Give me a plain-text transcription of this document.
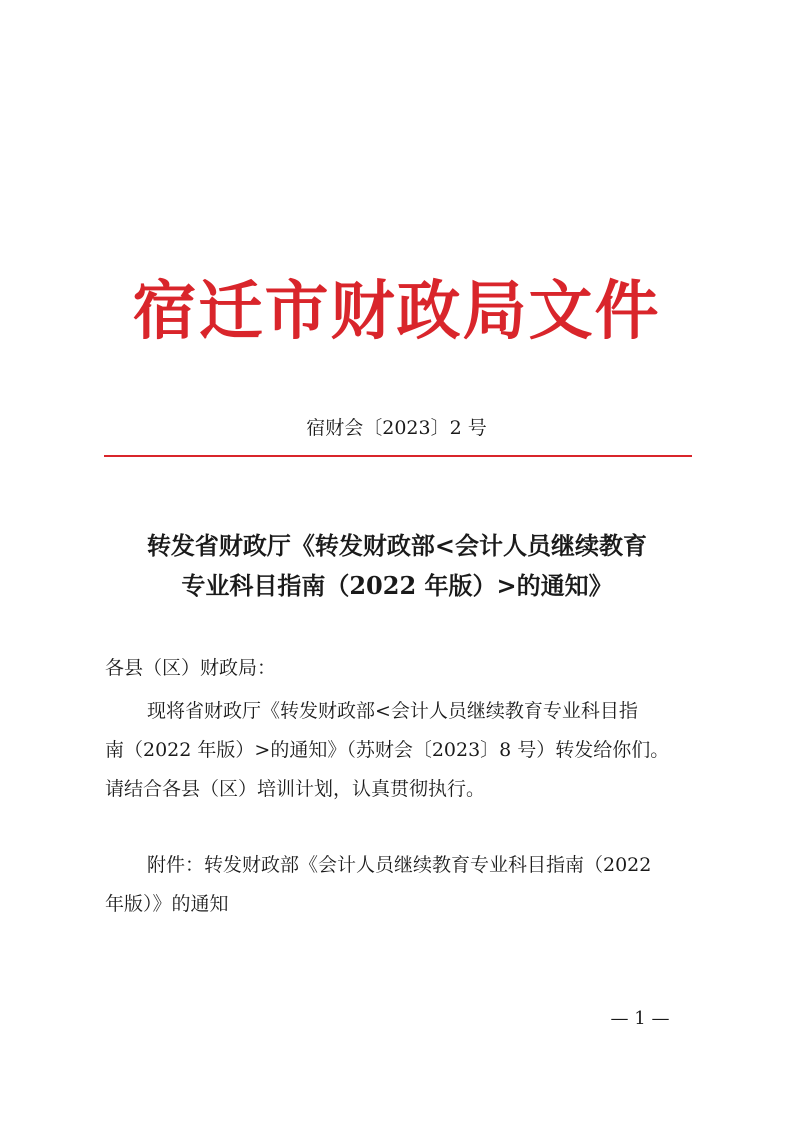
宿迁市财政局文件
宿财会〔2023〕2 号
转发省财政厅《转发财政部<会计人员继续教育
专业科目指南（2022 年版）>的通知》
各县（区）财政局：
现将省财政厅《转发财政部<会计人员继续教育专业科目指
南（2022 年版）>的通知》（苏财会〔2023〕8 号）转发给你们。
请结合各县（区）培训计划，认真贯彻执行。
附件：转发财政部《会计人员继续教育专业科目指南（2022
年版）》的通知
— 1 —
